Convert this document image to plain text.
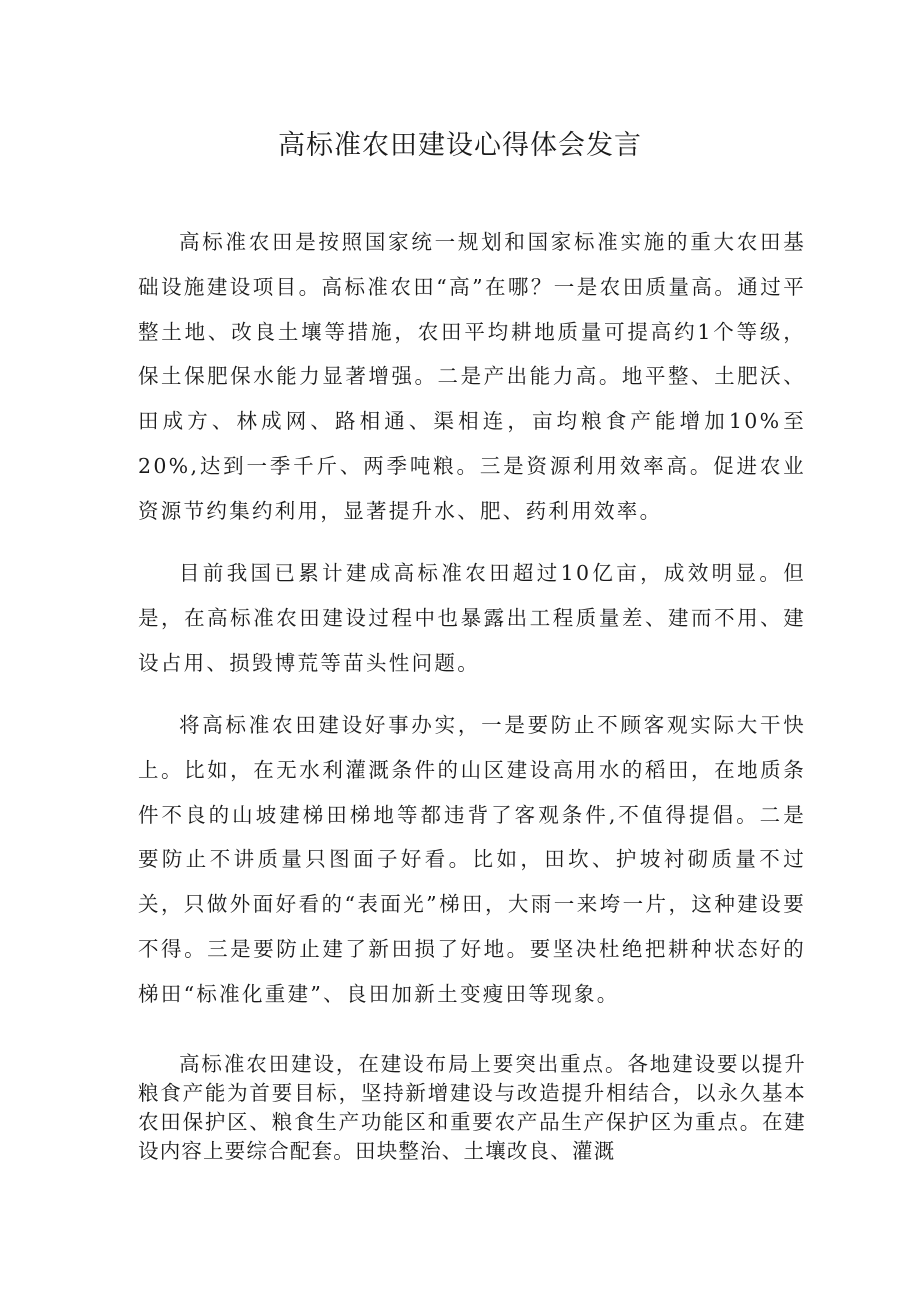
高标准农田建设心得体会发言

高标准农田是按照国家统一规划和国家标准实施的重大农田基础设施建设项目。高标准农田“高”在哪？一是农田质量高。通过平整土地、改良土壤等措施，农田平均耕地质量可提高约1个等级，保土保肥保水能力显著增强。二是产出能力高。地平整、土肥沃、田成方、林成网、路相通、渠相连，亩均粮食产能增加10%至20%,达到一季千斤、两季吨粮。三是资源利用效率高。促进农业资源节约集约利用，显著提升水、肥、药利用效率。

目前我国已累计建成高标准农田超过10亿亩，成效明显。但是，在高标准农田建设过程中也暴露出工程质量差、建而不用、建设占用、损毁博荒等苗头性问题。

将高标准农田建设好事办实，一是要防止不顾客观实际大干快上。比如，在无水利灌溉条件的山区建设高用水的稻田，在地质条件不良的山坡建梯田梯地等都违背了客观条件,不值得提倡。二是要防止不讲质量只图面子好看。比如，田坎、护坡衬砌质量不过关，只做外面好看的“表面光”梯田，大雨一来垮一片，这种建设要不得。三是要防止建了新田损了好地。要坚决杜绝把耕种状态好的梯田“标准化重建”、良田加新土变瘦田等现象。

高标准农田建设，在建设布局上要突出重点。各地建设要以提升粮食产能为首要目标，坚持新增建设与改造提升相结合，以永久基本农田保护区、粮食生产功能区和重要农产品生产保护区为重点。在建设内容上要综合配套。田块整治、土壤改良、灌溉
